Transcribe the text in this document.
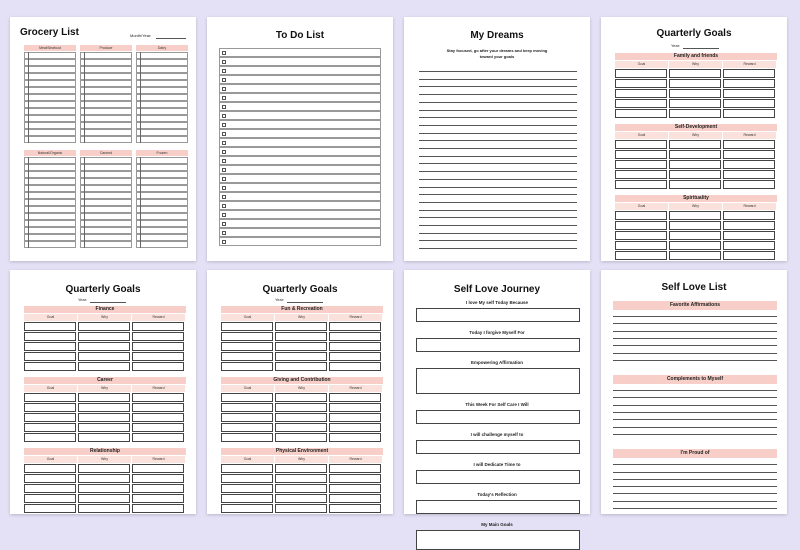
Grocery List	Month/Year:
Meat/Seafood	Produce	Dairy
Natural/Organic	Canned	Frozen
To Do List	My Dreams
Stay focused, go after your dreams and keep moving
toward your goals
Quarterly Goals
Year:
Family and friends
Goal	Why	Reward
Self-Development
Goal	Why	Reward
Spirituality
Goal	Why	Reward
Quarterly Goals
Year:
Finance
Goal	Why	Reward
Career
Goal	Why	Reward
Relationship
Goal	Why	Reward
Quarterly Goals
Year:
Fun & Recreation
Goal	Why	Reward
Giving and Contribution
Goal	Why	Reward
Physical Environment
Goal	Why	Reward
Self Love Journey
I love My self Today Because
Today I forgive Myself For
Empowering Affirmation
This Week For Self Care I Will
I will challenge myself to
I will Dedicate Time to
Today's Reflection
My Main Goals
Self Love List
Favorite Affirmations
Complements to Myself
I'm Proud of
